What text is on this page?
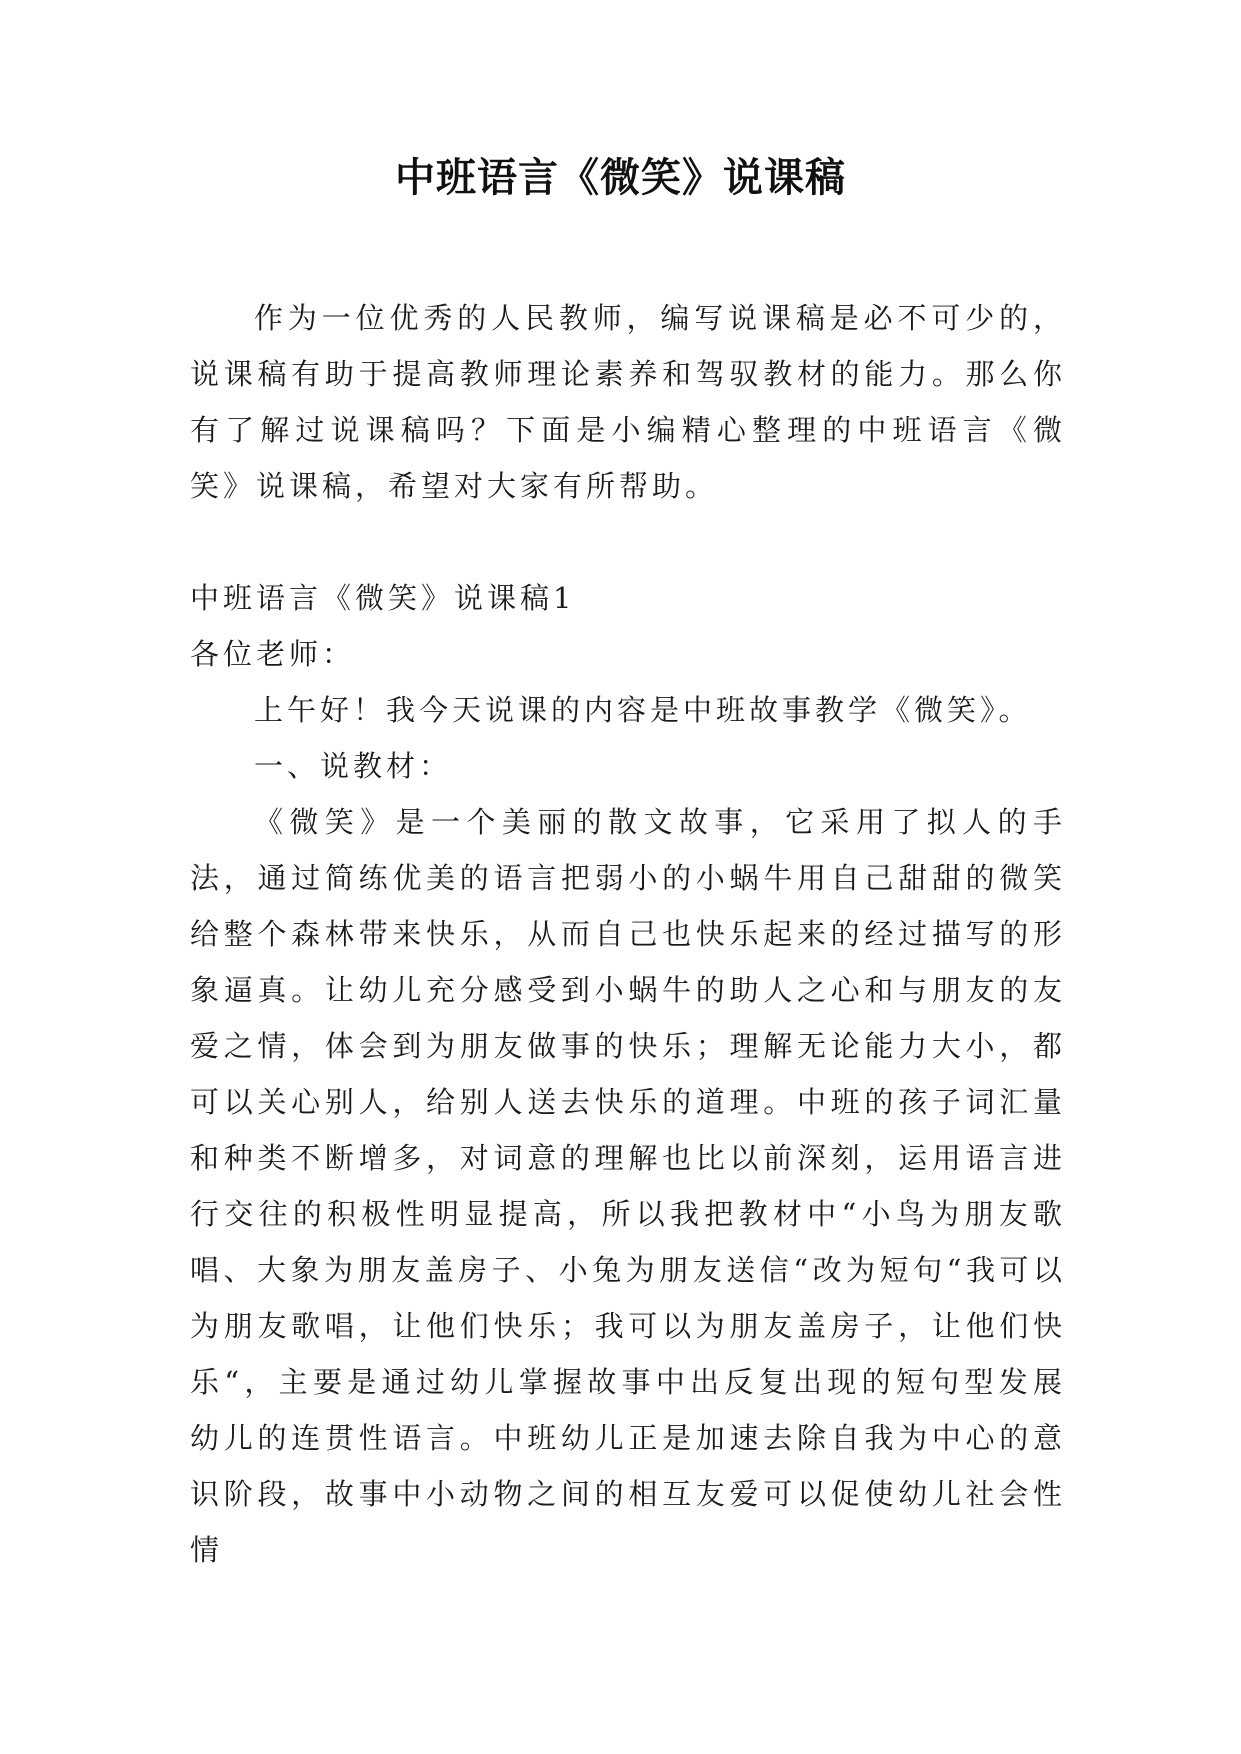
中班语言《微笑》说课稿

作为一位优秀的人民教师，编写说课稿是必不可少的，说课稿有助于提高教师理论素养和驾驭教材的能力。那么你有了解过说课稿吗？下面是小编精心整理的中班语言《微笑》说课稿，希望对大家有所帮助。

中班语言《微笑》说课稿1

各位老师：

上午好！我今天说课的内容是中班故事教学《微笑》。

一、说教材：

《微笑》是一个美丽的散文故事，它采用了拟人的手法，通过简练优美的语言把弱小的小蜗牛用自己甜甜的微笑给整个森林带来快乐，从而自己也快乐起来的经过描写的形象逼真。让幼儿充分感受到小蜗牛的助人之心和与朋友的友爱之情，体会到为朋友做事的快乐；理解无论能力大小，都可以关心别人，给别人送去快乐的道理。中班的孩子词汇量和种类不断增多，对词意的理解也比以前深刻，运用语言进行交往的积极性明显提高，所以我把教材中“小鸟为朋友歌唱、大象为朋友盖房子、小兔为朋友送信“改为短句“我可以为朋友歌唱，让他们快乐；我可以为朋友盖房子，让他们快乐“，主要是通过幼儿掌握故事中出反复出现的短句型发展幼儿的连贯性语言。中班幼儿正是加速去除自我为中心的意识阶段，故事中小动物之间的相互友爱可以促使幼儿社会性情
